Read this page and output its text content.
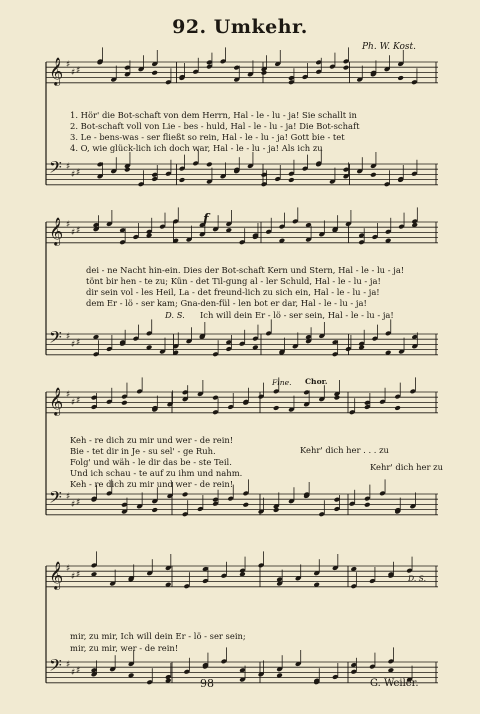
92. Umkehr.
Ph. W. Kost.
𝄞 ♯
♯ ♯
𝄢 ♯
♯ ♯
𝄞 ♯
♯ ♯
𝄢 ♯
♯ ♯
𝄞 ♯
♯ ♯
𝄢 ♯
♯ ♯
𝄞 ♯
♯ ♯
𝄢 ♯
♯ ♯
1. Hör' die Bot-schaft von dem Herrn, Hal - le - lu - ja! Sie schallt in
2. Bot-schaft voll von Lie - bes - huld, Hal - le - lu - ja! Die Bot-schaft
3. Le - bens-was - ser fließt so rein, Hal - le - lu - ja! Gott bie - tet
4. O, wie glück-lich ich doch war, Hal - le - lu - ja! Als ich zu
f
dei - ne Nacht hin-ein. Dies der Bot-schaft Kern und Stern, Hal - le - lu - ja!
tönt bir hen - te zu; Kün - det Til-gung al - ler Schuld, Hal - le - lu - ja!
dir sein vol - les Heil, La - det freund-lich zu sich ein, Hal - le - lu - ja!
dem Er - lö - ser kam; Gna-den-fül - len bot er dar, Hal - le - lu - ja!
D. S. Ich will dein Er - lö - ser sein, Hal - le - lu - ja!
Fine. Chor.
Keh - re dich zu mir und wer - de rein!
Bie - tet dir in Je - su sel' - ge Ruh.
Folg' und wäh - le dir das be - ste Teil.
Und ich schau - te auf zu ihm und nahm.
Keh - re dich zu mir und wer - de rein!
Kehr' dich her . . . zu
Kehr' dich her zu
D. S.
mir, zu mir, Ich will dein Er - lö - ser sein;
mir, zu mir, wer - de rein!
98	G. Weiler.
